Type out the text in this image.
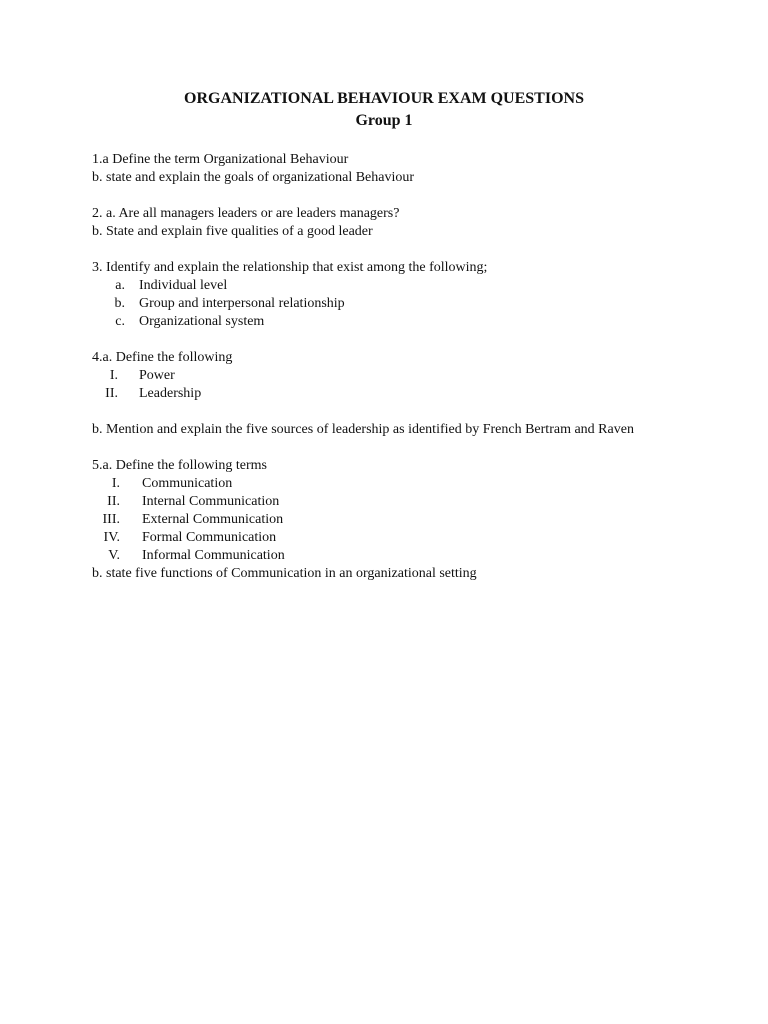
ORGANIZATIONAL BEHAVIOUR EXAM QUESTIONS
Group 1

1.a Define the term Organizational Behaviour

b. state and explain the goals of organizational Behaviour

2. a. Are all managers leaders or are leaders managers?

b. State and explain five qualities of a good leader

3. Identify and explain the relationship that exist among the following;

a. Individual level
b. Group and interpersonal relationship
c. Organizational system

4.a. Define the following

I. Power
II. Leadership

b. Mention and explain the five sources of leadership as identified by French Bertram and Raven

5.a. Define the following terms

I. Communication
II. Internal Communication
III. External Communication
IV. Formal Communication
V. Informal Communication

b. state five functions of Communication in an organizational setting
